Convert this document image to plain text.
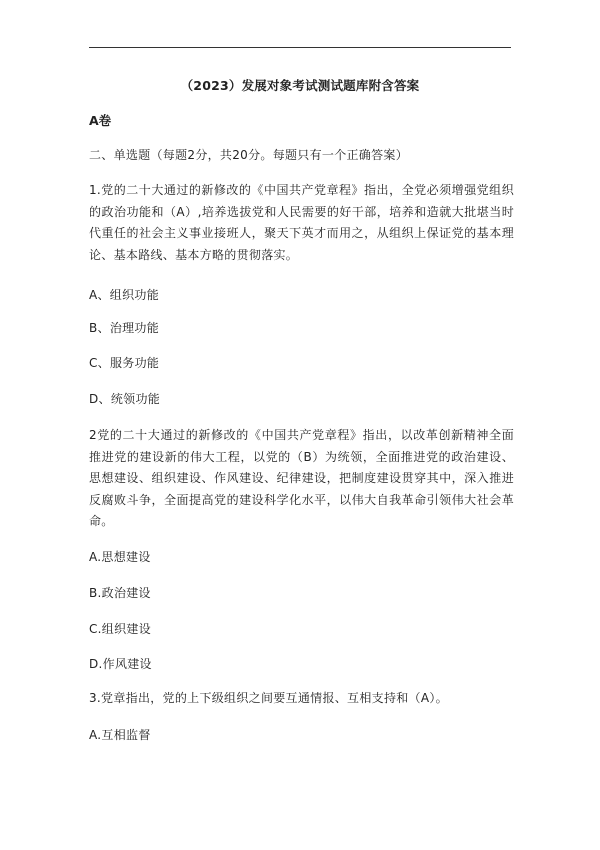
（2023）发展对象考试测试题库附含答案
A卷
二、单选题（每题2分，共20分。每题只有一个正确答案）
1.党的二十大通过的新修改的《中国共产党章程》指出，全党必须增强党组织的政治功能和（A）,培养选拔党和人民需要的好干部，培养和造就大批堪当时代重任的社会主义事业接班人，聚天下英才而用之，从组织上保证党的基本理论、基本路线、基本方略的贯彻落实。
A、组织功能
B、治理功能
C、服务功能
D、统领功能
2党的二十大通过的新修改的《中国共产党章程》指出，以改革创新精神全面推进党的建设新的伟大工程，以党的（B）为统领，全面推进党的政治建设、思想建设、组织建设、作风建设、纪律建设，把制度建设贯穿其中，深入推进反腐败斗争，全面提高党的建设科学化水平，以伟大自我革命引领伟大社会革命。
A.思想建设
B.政治建设
C.组织建设
D.作风建设
3.党章指出，党的上下级组织之间要互通情报、互相支持和（A）。
A.互相监督
